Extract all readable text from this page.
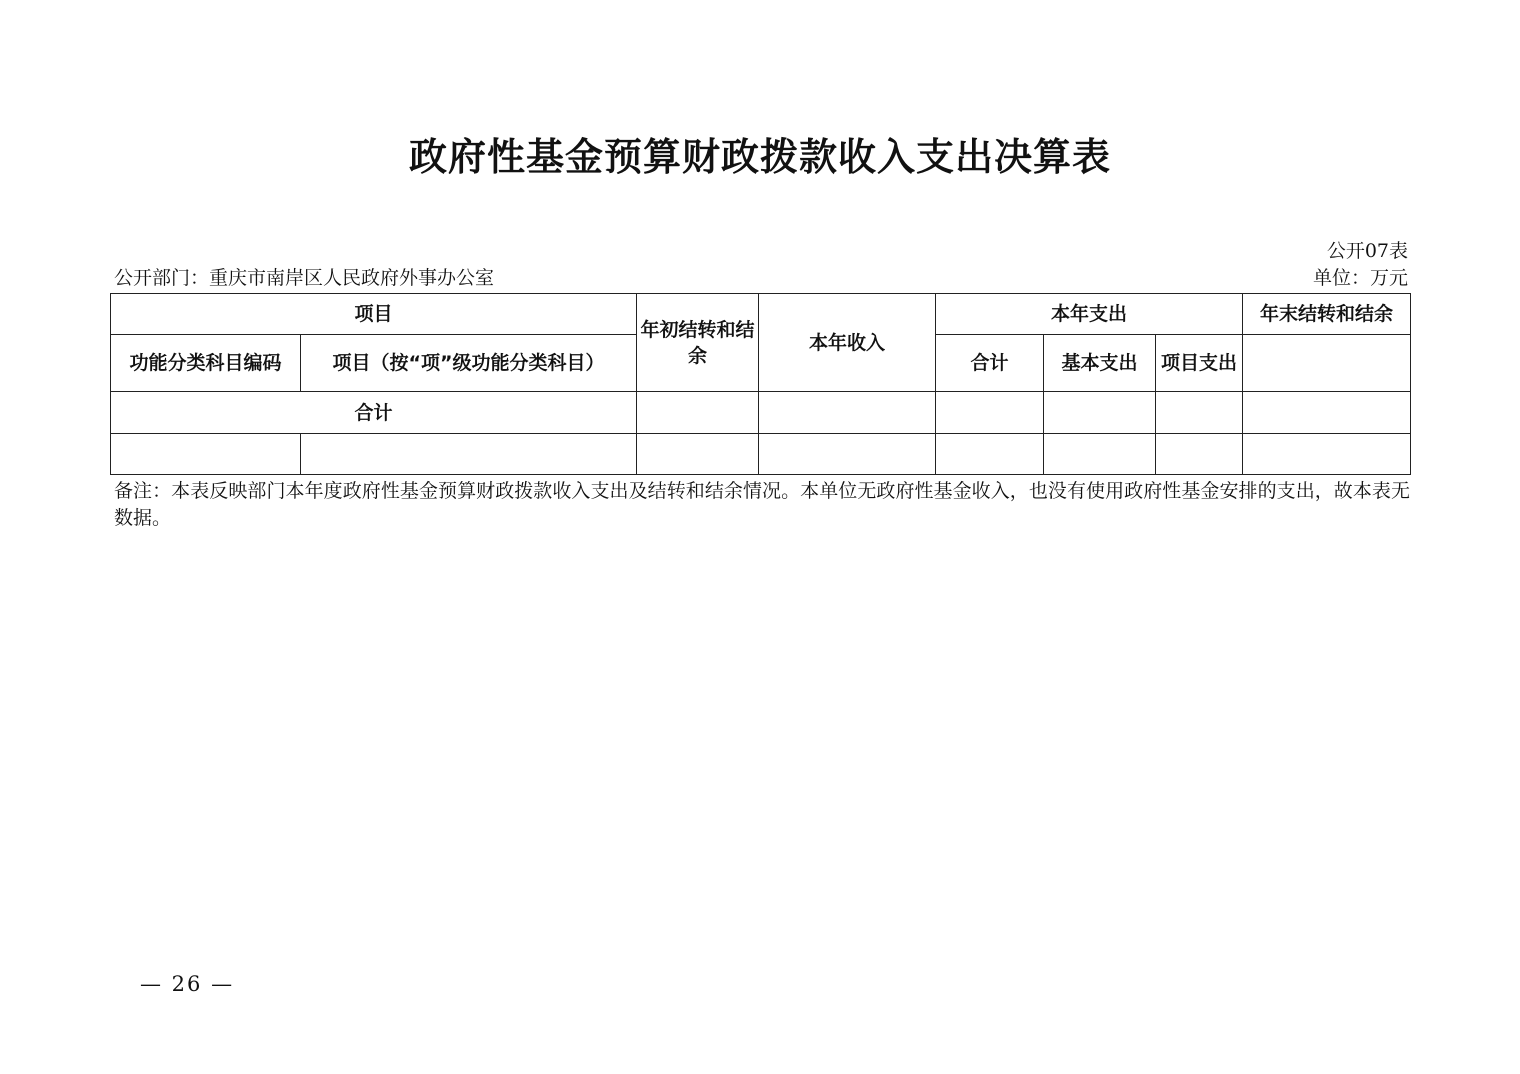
政府性基金预算财政拨款收入支出决算表
公开07表
公开部门：重庆市南岸区人民政府外事办公室	单位：万元
项目		年初结转和结余	本年收入	本年支出			年末结转和结余
功能分类科目编码	项目（按“项”级功能分类科目）			合计	基本支出	项目支出	
合计							

备注：本表反映部门本年度政府性基金预算财政拨款收入支出及结转和结余情况。本单位无政府性基金收入，也没有使用政府性基金安排的支出，故本表无数据。
— 26 —
